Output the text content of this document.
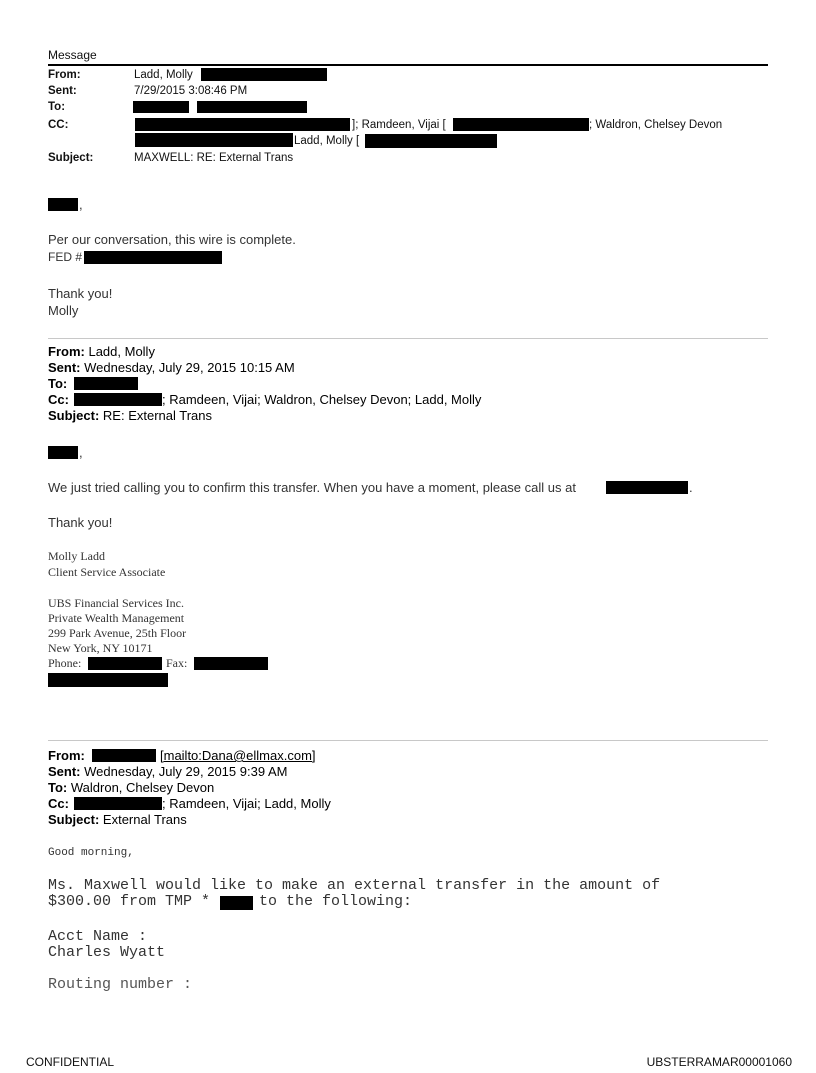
Message
From:	Ladd, Molly
Sent:	7/29/2015 3:08:46 PM
To:
CC:	]; Ramdeen, Vijai [	; Waldron, Chelsey Devon
Ladd, Molly [
Subject:	MAXWELL: RE: External Trans
,
Per our conversation, this wire is complete.
FED #
Thank you!
Molly
From: Ladd, Molly
Sent: Wednesday, July 29, 2015 10:15 AM
To:
Cc:	; Ramdeen, Vijai; Waldron, Chelsey Devon; Ladd, Molly
Subject: RE: External Trans
,
We just tried calling you to confirm this transfer. When you have a moment, please call us at	.
Thank you!
Molly Ladd
Client Service Associate
UBS Financial Services Inc.
Private Wealth Management
299 Park Avenue, 25th Floor
New York, NY 10171
Phone:	Fax:
From:	[mailto:Dana@ellmax.com]
Sent: Wednesday, July 29, 2015 9:39 AM
To: Waldron, Chelsey Devon
Cc:	; Ramdeen, Vijai; Ladd, Molly
Subject: External Trans
Good morning,
Ms. Maxwell would like to make an external transfer in the amount of
$300.00 from TMP *	to the following:
Acct Name :
Charles Wyatt
Routing number :
CONFIDENTIAL	UBSTERRAMAR00001060
